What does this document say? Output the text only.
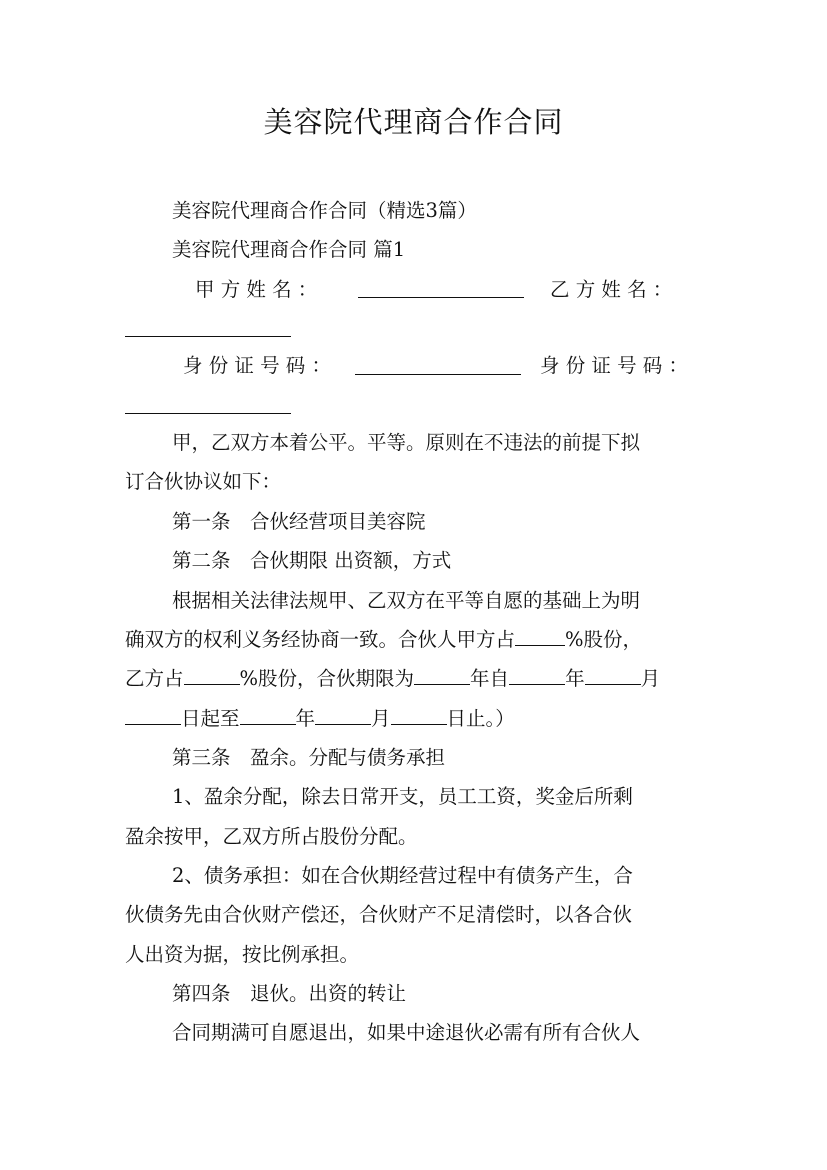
美容院代理商合作合同
美容院代理商合作合同（精选3篇）
美容院代理商合作合同 篇1
甲 方 姓 名 ：	乙 方 姓 名 ：
身 份 证 号 码 ：	身 份 证 号 码 ：
甲，乙双方本着公平。平等。原则在不违法的前提下拟
订合伙协议如下：
第一条　合伙经营项目美容院
第二条　合伙期限 出资额，方式
根据相关法律法规甲、乙双方在平等自愿的基础上为明
确双方的权利义务经协商一致。合伙人甲方占	%股份，
乙方占	%股份，合伙期限为	年自	年	月
日起至	年	月	日止。）
第三条　盈余。分配与债务承担
1、盈余分配，除去日常开支，员工工资，奖金后所剩
盈余按甲，乙双方所占股份分配。
2、债务承担：如在合伙期经营过程中有债务产生，合
伙债务先由合伙财产偿还，合伙财产不足清偿时，以各合伙
人出资为据，按比例承担。
第四条　退伙。出资的转让
合同期满可自愿退出，如果中途退伙必需有所有合伙人
